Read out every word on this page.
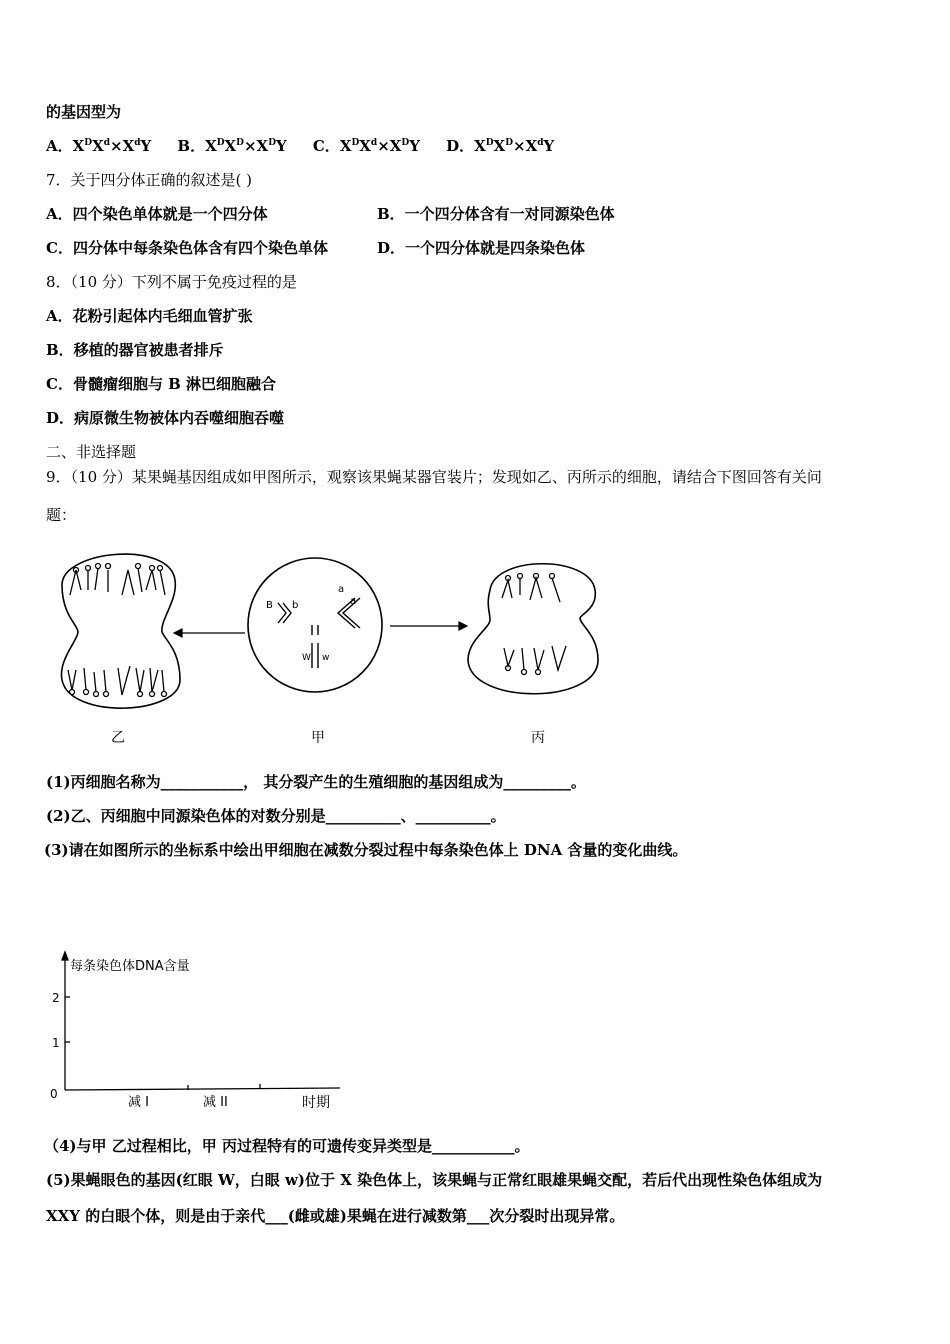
的基因型为
A．$X^DX^d\times X^dY$ B．$X^DX^D\times X^DY$ C．$X^DX^d\times X^DY$ D．$X^DX^D\times X^dY$
7．关于四分体正确的叙述是( )
A．四个染色单体就是一个四分体	B．一个四分体含有一对同源染色体
C．四分体中每条染色体含有四个染色单体	D．一个四分体就是四条染色体
8．（10 分）下列不属于免疫过程的是
A．花粉引起体内毛细血管扩张
B．移植的器官被患者排斥
C．骨髓瘤细胞与 B 淋巴细胞融合
D．病原微生物被体内吞噬细胞吞噬
二、非选择题
9．（10 分）某果蝇基因组成如甲图所示，观察该果蝇某器官装片；发现如乙、丙所示的细胞，请结合下图回答有关问
题：
B b
a
a
W w
乙	甲	丙
(1)丙细胞名称为___________， 其分裂产生的生殖细胞的基因组成为_________。
(2)乙、丙细胞中同源染色体的对数分别是__________、__________。
(3)请在如图所示的坐标系中绘出甲细胞在减数分裂过程中每条染色体上 DNA 含量的变化曲线。
每条染色体DNA含量
2
1
0
减 I	减 II	时期
（4)与甲 乙过程相比，甲 丙过程特有的可遗传变异类型是___________。
(5)果蝇眼色的基因(红眼 W，白眼 w)位于 X 染色体上，该果蝇与正常红眼雄果蝇交配，若后代出现性染色体组成为
XXY 的白眼个体，则是由于亲代___(雌或雄)果蝇在进行减数第___次分裂时出现异常。
